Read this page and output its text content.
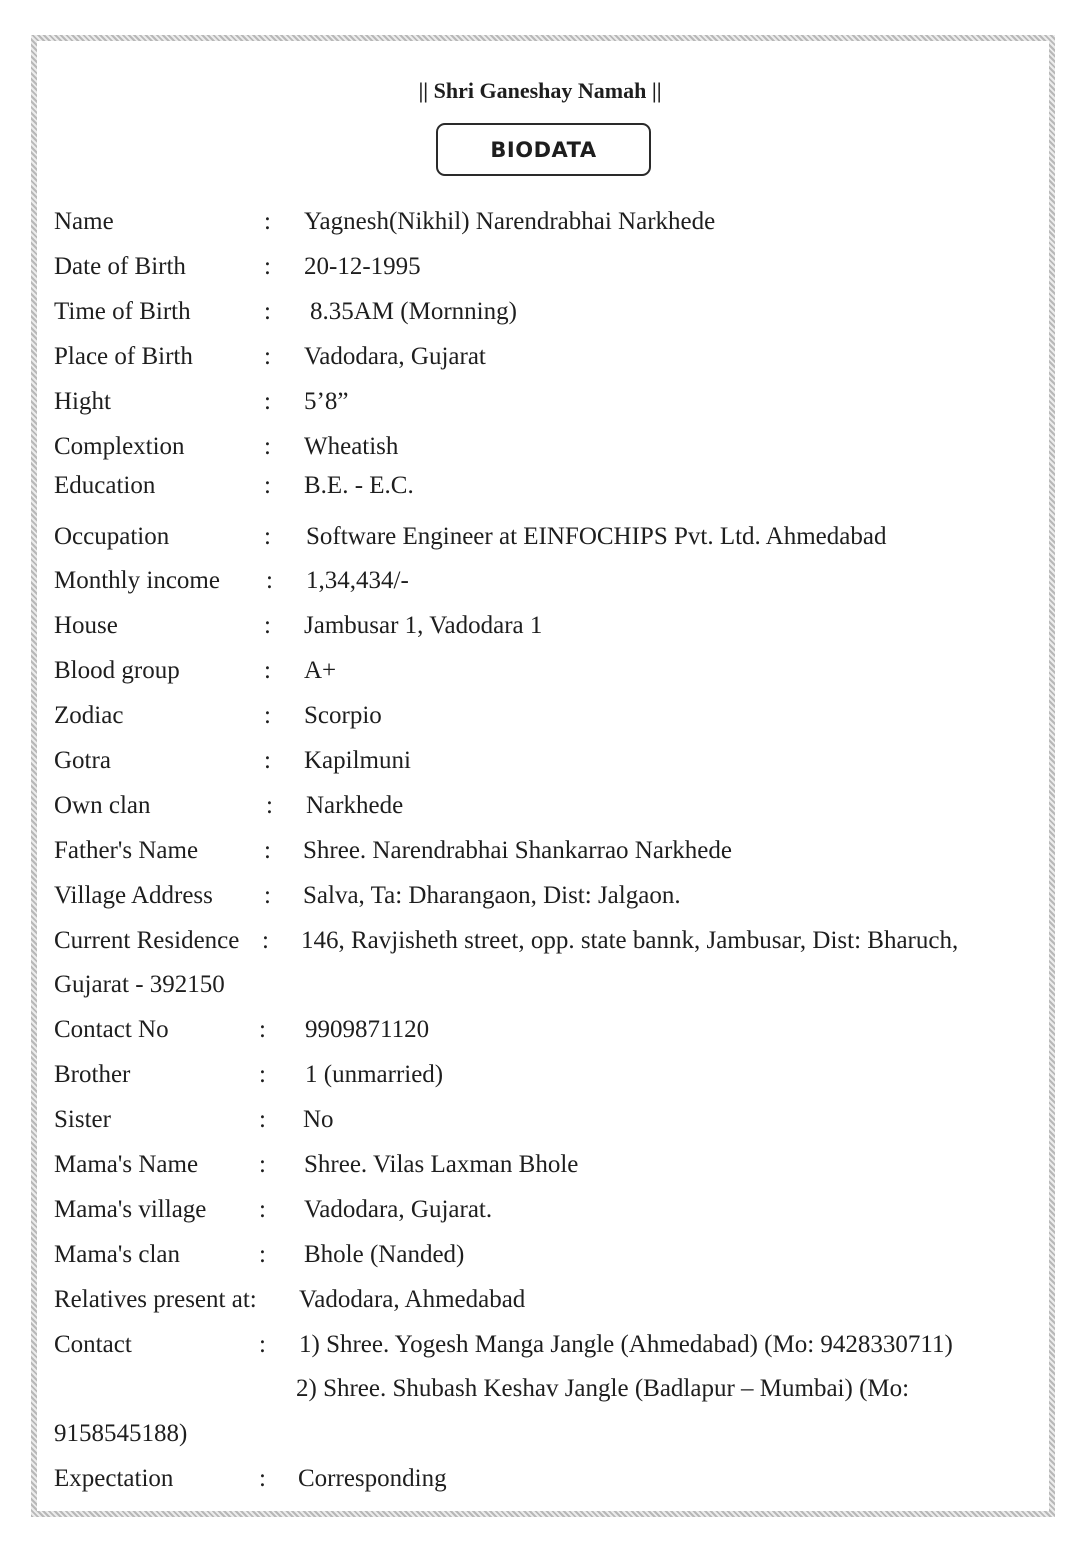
|| Shri Ganeshay Namah ||
BIODATA
Name	: Yagnesh(Nikhil) Narendrabhai Narkhede
Date of Birth	: 20-12-1995
Time of Birth	: 8.35AM (Mornning)
Place of Birth	: Vadodara, Gujarat
Hight	: 5’8”
Complextion	: Wheatish
Education	: B.E. - E.C.
Occupation	: Software Engineer at EINFOCHIPS Pvt. Ltd. Ahmedabad
Monthly income : 1,34,434/-
House	: Jambusar 1, Vadodara 1
Blood group	: A+
Zodiac	: Scorpio
Gotra	: Kapilmuni
Own clan	: Narkhede
Father's Name	: Shree. Narendrabhai Shankarrao Narkhede
Village Address : Salva, Ta: Dharangaon, Dist: Jalgaon.
Current Residence : 146, Ravjisheth street, opp. state bannk, Jambusar, Dist: Bharuch,
Gujarat - 392150
Contact No	: 9909871120
Brother	: 1 (unmarried)
Sister	: No
Mama's Name : Shree. Vilas Laxman Bhole
Mama's village : Vadodara, Gujarat.
Mama's clan	: Bhole (Nanded)
Relatives present at: Vadodara, Ahmedabad
Contact	: 1) Shree. Yogesh Manga Jangle (Ahmedabad) (Mo: 9428330711)
2) Shree. Shubash Keshav Jangle (Badlapur – Mumbai) (Mo:
9158545188)
Expectation	: Corresponding
